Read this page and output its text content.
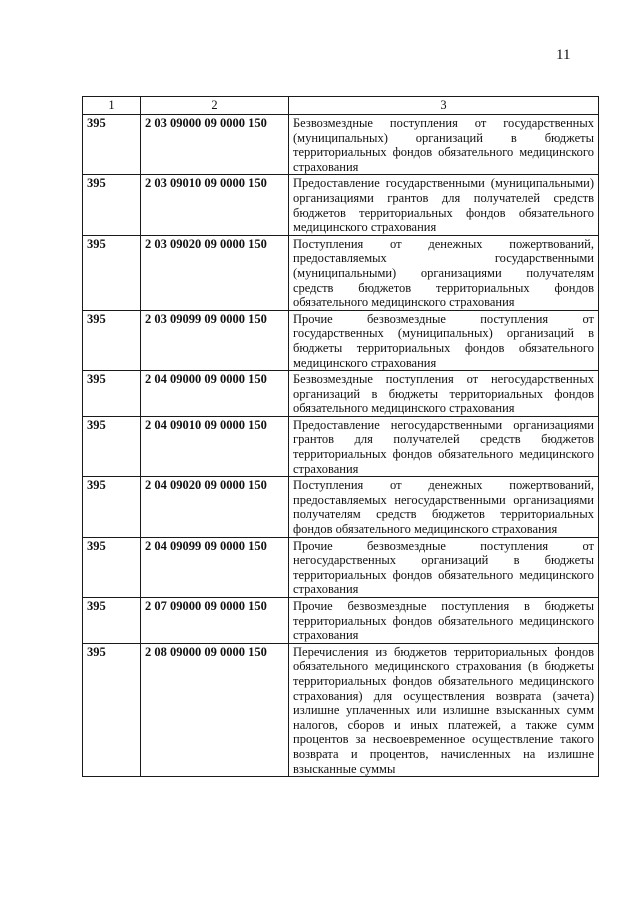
11
1	2	3
395	2 03 09000 09 0000 150	Безвозмездные поступления от государственных (муниципальных) организаций в бюджеты территориальных фондов обязательного медицинского страхования
395	2 03 09010 09 0000 150	Предоставление государственными (муниципальными) организациями грантов для получателей средств бюджетов территориальных фондов обязательного медицинского страхования
395	2 03 09020 09 0000 150	Поступления от денежных пожертвований, предоставляемых государственными (муниципальными) организациями получателям средств бюджетов территориальных фондов обязательного медицинского страхования
395	2 03 09099 09 0000 150	Прочие безвозмездные поступления от государственных (муниципальных) организаций в бюджеты территориальных фондов обязательного медицинского страхования
395	2 04 09000 09 0000 150	Безвозмездные поступления от негосударственных организаций в бюджеты территориальных фондов обязательного медицинского страхования
395	2 04 09010 09 0000 150	Предоставление негосударственными организациями грантов для получателей средств бюджетов территориальных фондов обязательного медицинского страхования
395	2 04 09020 09 0000 150	Поступления от денежных пожертвований, предоставляемых негосударственными организациями получателям средств бюджетов территориальных фондов обязательного медицинского страхования
395	2 04 09099 09 0000 150	Прочие безвозмездные поступления от негосударственных организаций в бюджеты территориальных фондов обязательного медицинского страхования
395	2 07 09000 09 0000 150	Прочие безвозмездные поступления в бюджеты территориальных фондов обязательного медицинского страхования
395	2 08 09000 09 0000 150	Перечисления из бюджетов территориальных фондов обязательного медицинского страхования (в бюджеты территориальных фондов обязательного медицинского страхования) для осуществления возврата (зачета) излишне уплаченных или излишне взысканных сумм налогов, сборов и иных платежей, а также сумм процентов за несвоевременное осуществление такого возврата и процентов, начисленных на излишне взысканные суммы
